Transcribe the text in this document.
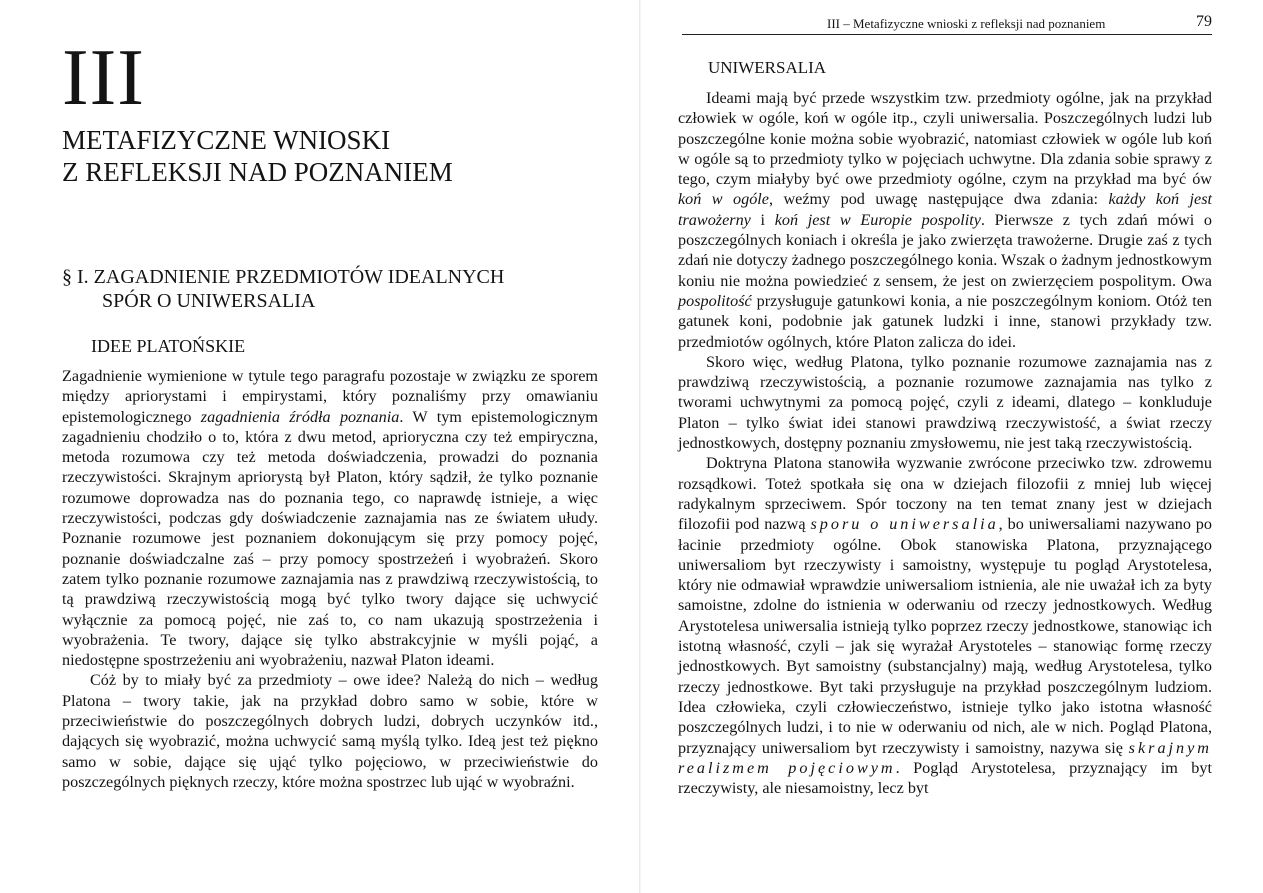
III
METAFIZYCZNE WNIOSKI
Z REFLEKSJI NAD POZNANIEM
§ I. ZAGADNIENIE PRZEDMIOTÓW IDEALNYCH
SPÓR O UNIWERSALIA
IDEE PLATOŃSKIE

Zagadnienie wymienione w tytule tego paragrafu pozostaje w związku ze sporem między apriorystami i empirystami, który poznaliśmy przy omawianiu epistemologicznego zagadnienia źródła poznania. W tym epistemologicznym zagadnieniu chodziło o to, która z dwu metod, aprioryczna czy też empiryczna, metoda rozumowa czy też metoda doświadczenia, prowadzi do poznania rzeczywistości. Skrajnym apriorystą był Platon, który sądził, że tylko poznanie rozumowe doprowadza nas do poznania tego, co naprawdę istnieje, a więc rzeczywistości, podczas gdy doświadczenie zaznajamia nas ze światem ułudy. Poznanie rozumowe jest poznaniem dokonującym się przy pomocy pojęć, poznanie doświadczalne zaś – przy pomocy spostrzeżeń i wyobrażeń. Skoro zatem tylko poznanie rozumowe zaznajamia nas z prawdziwą rzeczywistością, to tą prawdziwą rzeczywistością mogą być tylko twory dające się uchwycić wyłącznie za pomocą pojęć, nie zaś to, co nam ukazują spostrzeżenia i wyobrażenia. Te twory, dające się tylko abstrakcyjnie w myśli pojąć, a niedostępne spostrzeżeniu ani wyobrażeniu, nazwał Platon ideami.

Cóż by to miały być za przedmioty – owe idee? Należą do nich – według Platona – twory takie, jak na przykład dobro samo w sobie, które w przeciwieństwie do poszczególnych dobrych ludzi, dobrych uczynków itd., dających się wyobrazić, można uchwycić samą myślą tylko. Ideą jest też piękno samo w sobie, dające się ująć tylko pojęciowo, w przeciwieństwie do poszczególnych pięknych rzeczy, które można spostrzec lub ująć w wyobraźni.

III – Metafizyczne wnioski z refleksji nad poznaniem	79
UNIWERSALIA

Ideami mają być przede wszystkim tzw. przedmioty ogólne, jak na przykład człowiek w ogóle, koń w ogóle itp., czyli uniwersalia. Poszczególnych ludzi lub poszczególne konie można sobie wyobrazić, natomiast człowiek w ogóle lub koń w ogóle są to przedmioty tylko w pojęciach uchwytne. Dla zdania sobie sprawy z tego, czym miałyby być owe przedmioty ogólne, czym na przykład ma być ów koń w ogóle, weźmy pod uwagę następujące dwa zdania: każdy koń jest trawożerny i koń jest w Europie pospolity. Pierwsze z tych zdań mówi o poszczególnych koniach i określa je jako zwierzęta trawożerne. Drugie zaś z tych zdań nie dotyczy żadnego poszczególnego konia. Wszak o żadnym jednostkowym koniu nie można powiedzieć z sensem, że jest on zwierzęciem pospolitym. Owa pospolitość przysługuje gatunkowi konia, a nie poszczególnym koniom. Otóż ten gatunek koni, podobnie jak gatunek ludzki i inne, stanowi przykłady tzw. przedmiotów ogólnych, które Platon zalicza do idei.

Skoro więc, według Platona, tylko poznanie rozumowe zaznajamia nas z prawdziwą rzeczywistością, a poznanie rozumowe zaznajamia nas tylko z tworami uchwytnymi za pomocą pojęć, czyli z ideami, dlatego – konkluduje Platon – tylko świat idei stanowi prawdziwą rzeczywistość, a świat rzeczy jednostkowych, dostępny poznaniu zmysłowemu, nie jest taką rzeczywistością.

Doktryna Platona stanowiła wyzwanie zwrócone przeciwko tzw. zdrowemu rozsądkowi. Toteż spotkała się ona w dziejach filozofii z mniej lub więcej radykalnym sprzeciwem. Spór toczony na ten temat znany jest w dziejach filozofii pod nazwą sporu o uniwersalia, bo uniwersaliami nazywano po łacinie przedmioty ogólne. Obok stanowiska Platona, przyznającego uniwersaliom byt rzeczywisty i samoistny, występuje tu pogląd Arystotelesa, który nie odmawiał wprawdzie uniwersaliom istnienia, ale nie uważał ich za byty samoistne, zdolne do istnienia w oderwaniu od rzeczy jednostkowych. Według Arystotelesa uniwersalia istnieją tylko poprzez rzeczy jednostkowe, stanowiąc ich istotną własność, czyli – jak się wyrażał Arystoteles – stanowiąc formę rzeczy jednostkowych. Byt samoistny (substancjalny) mają, według Arystotelesa, tylko rzeczy jednostkowe. Byt taki przysługuje na przykład poszczególnym ludziom. Idea człowieka, czyli człowieczeństwo, istnieje tylko jako istotna własność poszczególnych ludzi, i to nie w oderwaniu od nich, ale w nich. Pogląd Platona, przyznający uniwersaliom byt rzeczywisty i samoistny, nazywa się skrajnym realizmem pojęciowym. Pogląd Arystotelesa, przyznający im byt rzeczywisty, ale niesamoistny, lecz byt
